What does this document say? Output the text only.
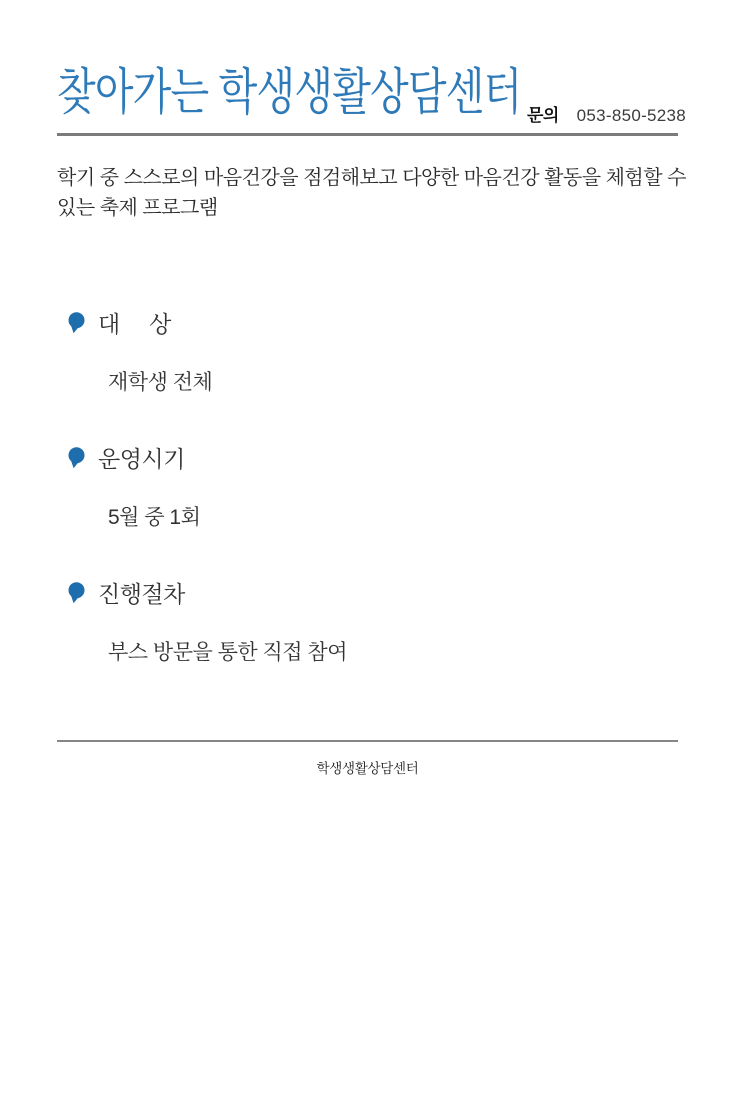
찾아가는 학생생활상담센터 문의 053-850-5238

학기 중 스스로의 마음건강을 점검해보고 다양한 마음건강 활동을 체험할 수 있는 축제 프로그램

대     상
재학생 전체
운영시기
5월 중 1회
진행절차
부스 방문을 통한 직접 참여
학생생활상담센터
